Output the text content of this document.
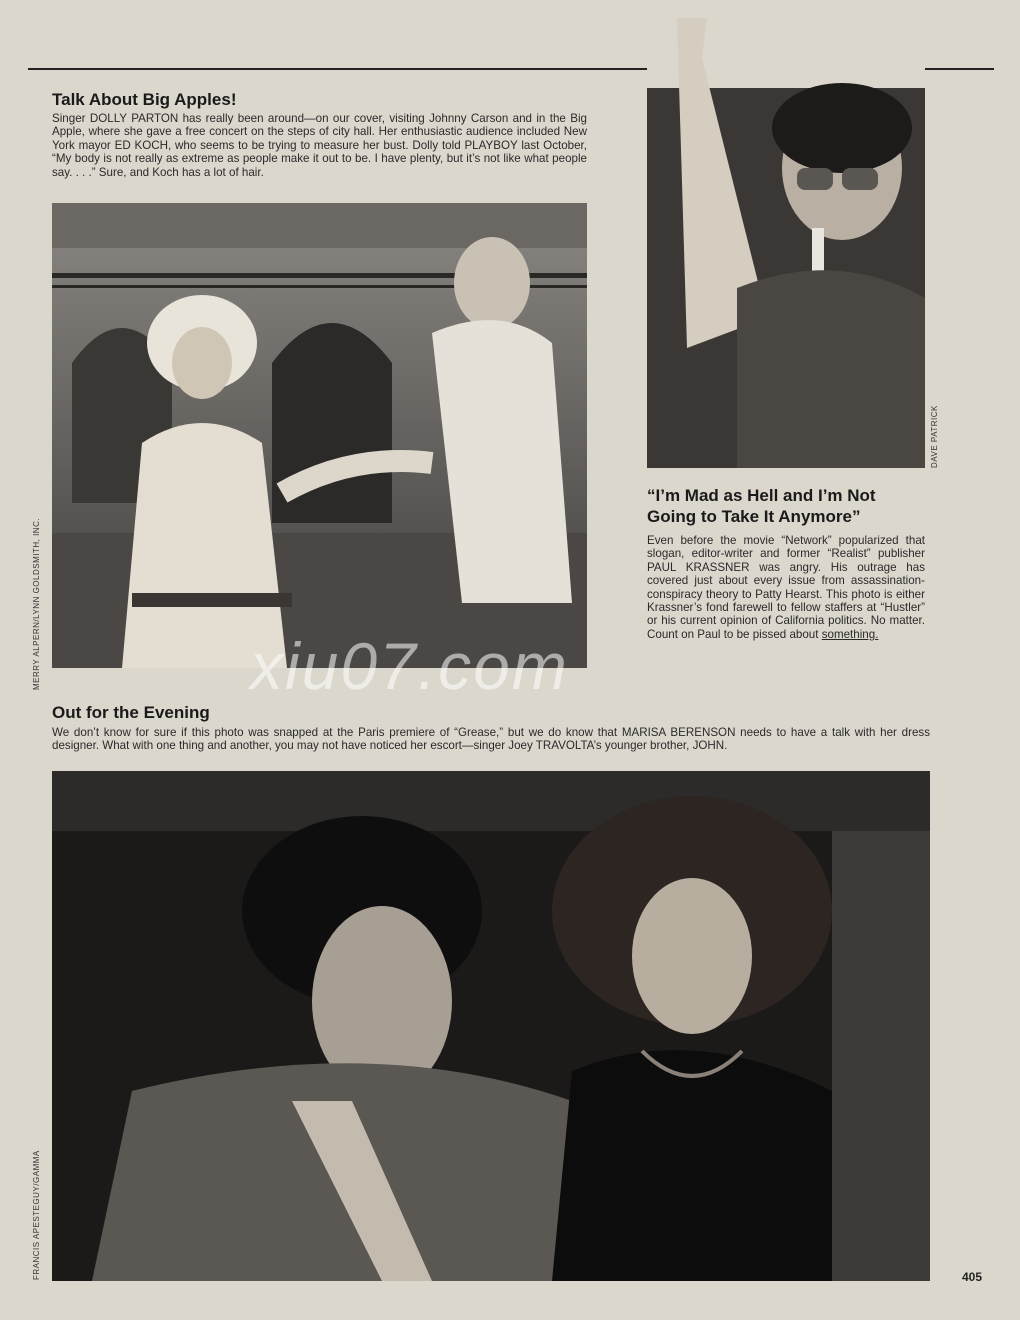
Talk About Big Apples!

Singer DOLLY PARTON has really been around—on our cover, visiting Johnny Carson and in the Big Apple, where she gave a free concert on the steps of city hall. Her enthusiastic audience included New York mayor ED KOCH, who seems to be trying to measure her bust. Dolly told PLAYBOY last October, “My body is not really as extreme as people make it out to be. I have plenty, but it’s not like what people say. . . .” Sure, and Koch has a lot of hair.

MERRY ALPERN/LYNN GOLDSMITH, INC.
DAVE PATRICK
“I’m Mad as Hell and I’m Not
Going to Take It Anymore”

Even before the movie “Network” popularized that slogan, editor-writer and former “Realist” publisher PAUL KRASSNER was angry. His outrage has covered just about every issue from assassination-conspiracy theory to Patty Hearst. This photo is either Krassner’s fond farewell to fellow staffers at “Hustler” or his current opinion of California politics. No matter. Count on Paul to be pissed about something.

Out for the Evening

We don’t know for sure if this photo was snapped at the Paris premiere of “Grease,” but we do know that MARISA BERENSON needs to have a talk with her dress designer. What with one thing and another, you may not have noticed her escort—singer Joey TRAVOLTA’s younger brother, JOHN.

FRANCIS APESTEGUY/GAMMA
xiu07.com
405
